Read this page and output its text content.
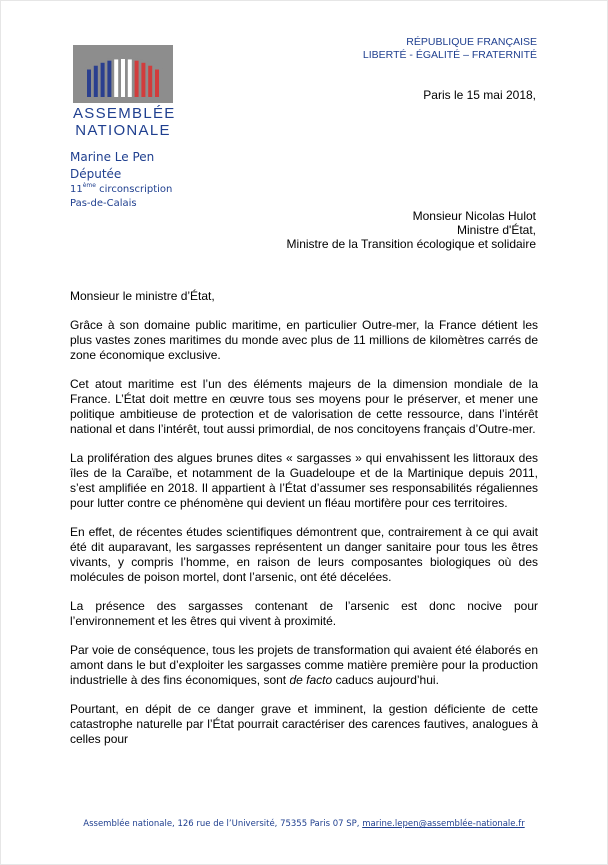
ASSEMBLÉE
NATIONALE
RÉPUBLIQUE FRANÇAISE
LIBERTÉ - ÉGALITÉ – FRATERNITÉ
Paris le 15 mai 2018,
Marine Le Pen
Députée
11ème circonscription
Pas-de-Calais
Monsieur Nicolas Hulot
Ministre d'État,
Ministre de la Transition écologique et solidaire

Monsieur le ministre d’État,

Grâce à son domaine public maritime, en particulier Outre-mer, la France détient les plus vastes zones maritimes du monde avec plus de 11 millions de kilomètres carrés de zone économique exclusive.

Cet atout maritime est l’un des éléments majeurs de la dimension mondiale de la France. L’État doit mettre en œuvre tous ses moyens pour le préserver, et mener une politique ambitieuse de protection et de valorisation de cette ressource, dans l’intérêt national et dans l’intérêt, tout aussi primordial, de nos concitoyens français d’Outre-mer.

La prolifération des algues brunes dites « sargasses » qui envahissent les littoraux des îles de la Caraïbe, et notamment de la Guadeloupe et de la Martinique depuis 2011, s’est amplifiée en 2018. Il appartient à l’État d’assumer ses responsabilités régaliennes pour lutter contre ce phénomène qui devient un fléau mortifère pour ces territoires.

En effet, de récentes études scientifiques démontrent que, contrairement à ce qui avait été dit auparavant, les sargasses représentent un danger sanitaire pour tous les êtres vivants, y compris l’homme, en raison de leurs composantes biologiques où des molécules de poison mortel, dont l’arsenic, ont été décelées.

La présence des sargasses contenant de l’arsenic est donc nocive pour l’environnement et les êtres qui vivent à proximité.

Par voie de conséquence, tous les projets de transformation qui avaient été élaborés en amont dans le but d’exploiter les sargasses comme matière première pour la production industrielle à des fins économiques, sont de facto caducs aujourd’hui.

Pourtant, en dépit de ce danger grave et imminent, la gestion déficiente de cette catastrophe naturelle par l’État pourrait caractériser des carences fautives, analogues à celles pour

Assemblée nationale, 126 rue de l’Université, 75355 Paris 07 SP, marine.lepen@assemblée-nationale.fr
